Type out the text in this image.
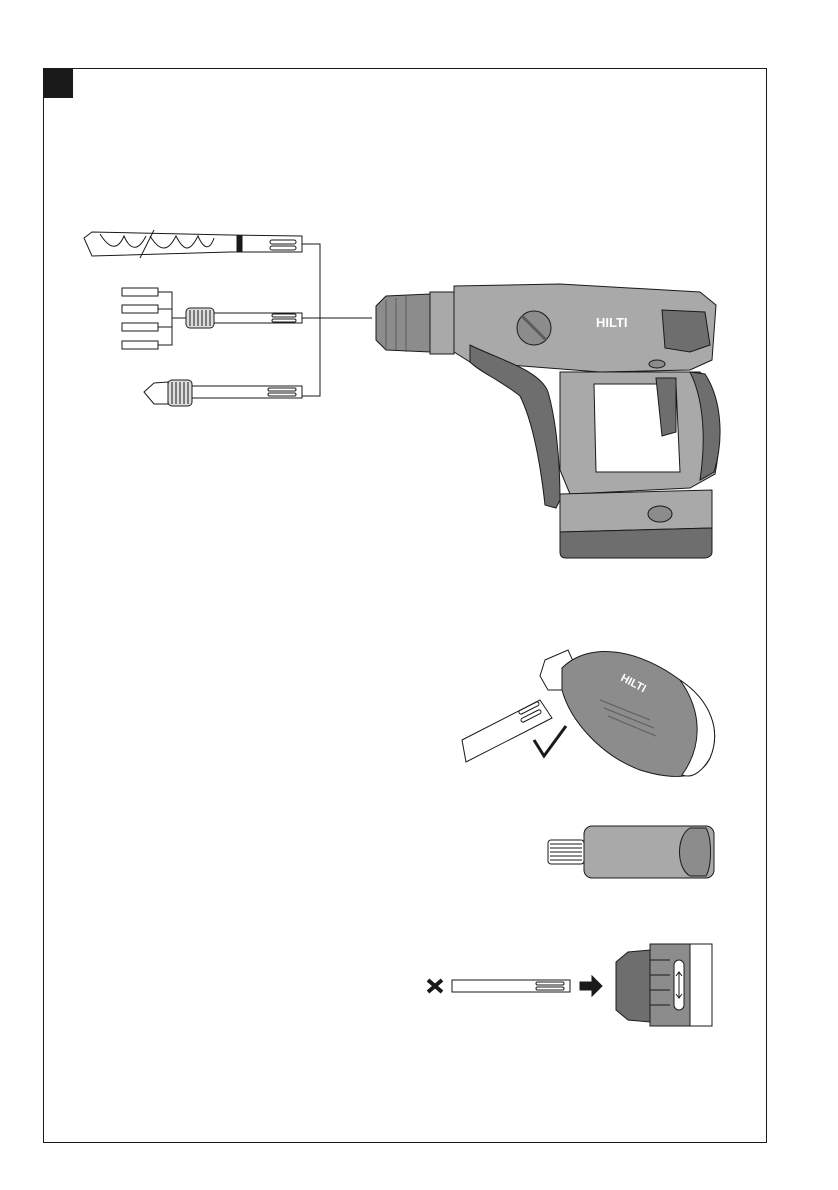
HILTI
HILTI
